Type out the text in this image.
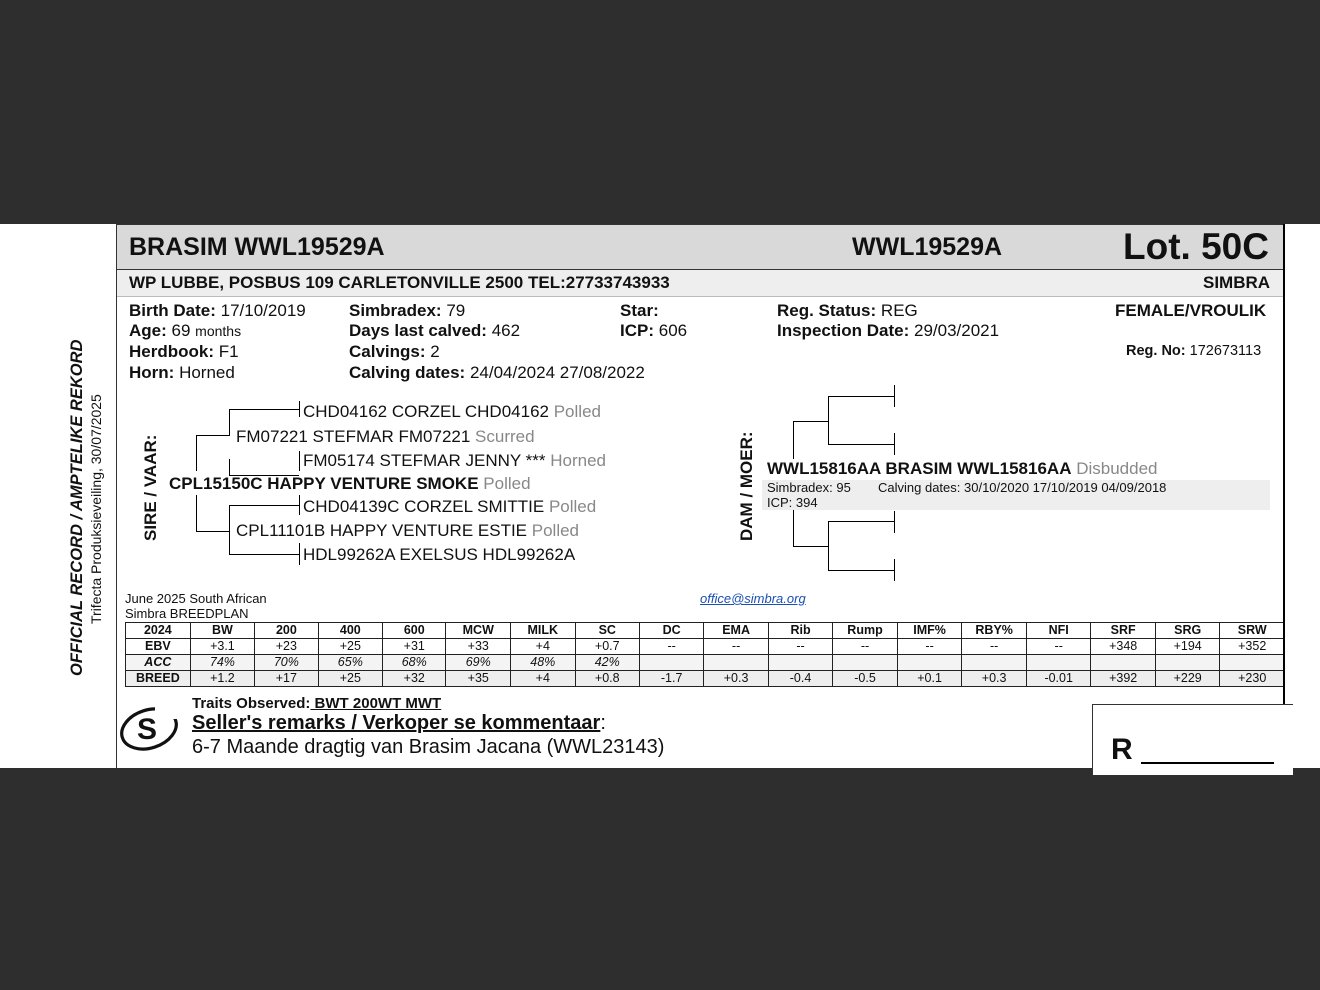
OFFICIAL RECORD / AMPTELIKE REKORD Trifecta Produksieveiling, 30/07/2025
BRASIM WWL19529A	WWL19529A	Lot. 50C
WP LUBBE, POSBUS 109 CARLETONVILLE 2500 TEL:27733743933	SIMBRA
Birth Date: 17/10/2019
Age: 69 months
Herdbook: F1
Horn: Horned
Simbradex: 79
Days last calved: 462
Calvings: 2
Calving dates: 24/04/2024 27/08/2022
Star:
ICP: 606
Reg. Status: REG
Inspection Date: 29/03/2021
FEMALE/VROULIK
Reg. No: 172673113
SIRE / VAAR:
CHD04162 CORZEL CHD04162 Polled
FM07221 STEFMAR FM07221 Scurred
FM05174 STEFMAR JENNY *** Horned
CPL15150C HAPPY VENTURE SMOKE Polled
CHD04139C CORZEL SMITTIE Polled
CPL11101B HAPPY VENTURE ESTIE Polled
HDL99262A EXELSUS HDL99262A
DAM / MOER: WWL15816AA BRASIM WWL15816AA Disbudded
Simbradex: 95 Calving dates: 30/10/2020 17/10/2019 04/09/2018
ICP: 394
June 2025 South African
Simbra BREEDPLAN
office@simbra.org
2024	BW	200	400	600	MCW	MILK	SC	DC	EMA	Rib	Rump	IMF%	RBY%	NFI	SRF	SRG	SRW
EBV	+3.1	+23	+25	+31	+33	+4	+0.7	--	--	--	--	--	--	--	+348	+194	+352
ACC	74%	70%	65%	68%	69%	48%	42%										
BREED	+1.2	+17	+25	+32	+35	+4	+0.8	-1.7	+0.3	-0.4	-0.5	+0.1	+0.3	-0.01	+392	+229	+230
S
Traits Observed: BWT 200WT MWT
Seller's remarks / Verkoper se kommentaar:
6-7 Maande dragtig van Brasim Jacana (WWL23143)	R
